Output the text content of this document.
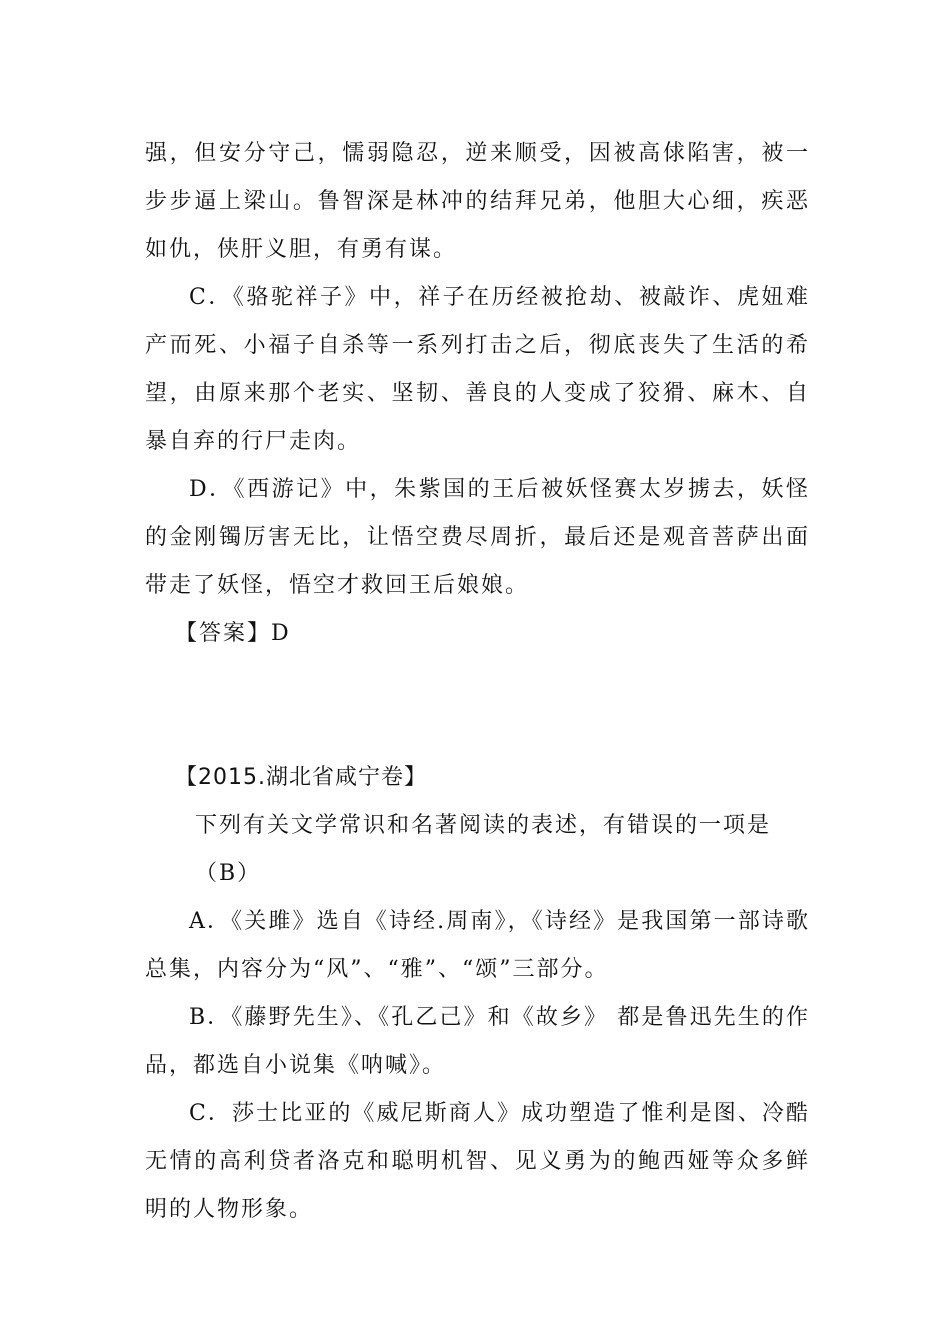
强，但安分守己，懦弱隐忍，逆来顺受，因被高俅陷害，被一步步逼上梁山。鲁智深是林冲的结拜兄弟，他胆大心细，疾恶如仇，侠肝义胆，有勇有谋。

C．《骆驼祥子》中，祥子在历经被抢劫、被敲诈、虎妞难产而死、小福子自杀等一系列打击之后，彻底丧失了生活的希望，由原来那个老实、坚韧、善良的人变成了狡猾、麻木、自暴自弃的行尸走肉。

D．《西游记》中，朱紫国的王后被妖怪赛太岁掳去，妖怪的金刚镯厉害无比，让悟空费尽周折，最后还是观音菩萨出面带走了妖怪，悟空才救回王后娘娘。

【答案】D

【2015.湖北省咸宁卷】

下列有关文学常识和名著阅读的表述，有错误的一项是（B）

A．《关雎》选自《诗经.周南》，《诗经》是我国第一部诗歌总集，内容分为“风”、“雅”、“颂”三部分。

B．《藤野先生》、《孔乙己》和《故乡》 都是鲁迅先生的作品，都选自小说集《呐喊》。

C．莎士比亚的《威尼斯商人》成功塑造了惟利是图、冷酷无情的高利贷者洛克和聪明机智、见义勇为的鲍西娅等众多鲜明的人物形象。
